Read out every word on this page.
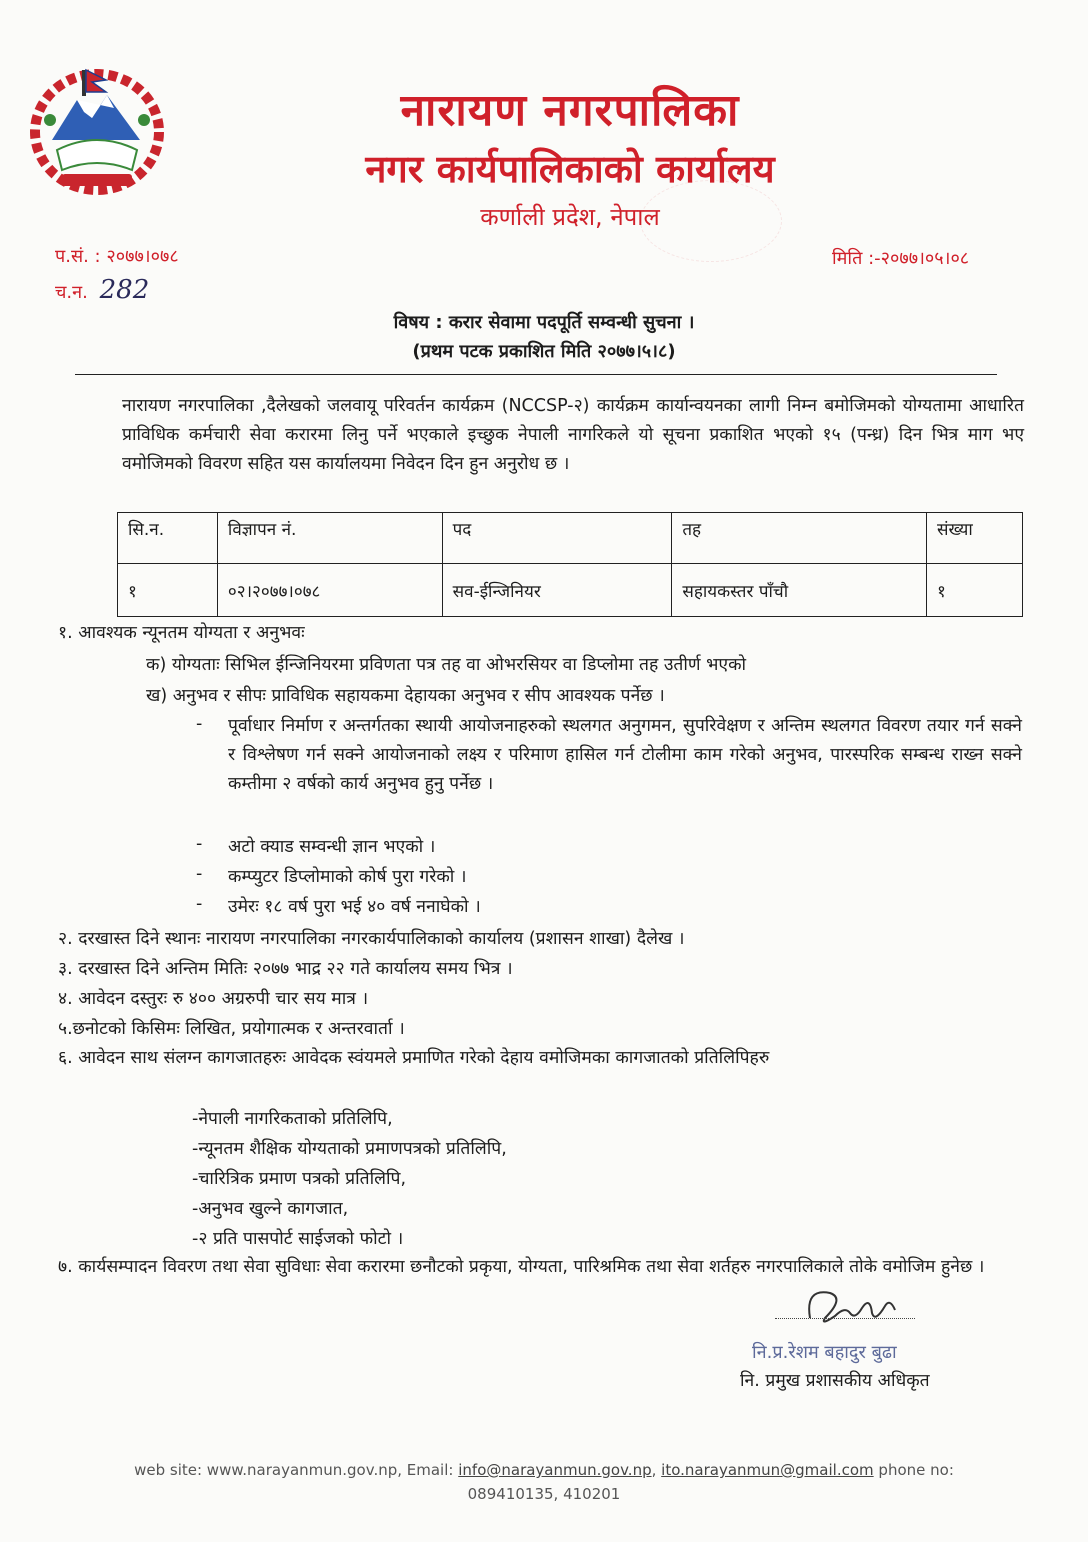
नारायण नगरपालिका
नगर कार्यपालिकाको कार्यालय
कर्णाली प्रदेश, नेपाल
प.सं. : २०७७।०७८
च.न. 282
मिति :-२०७७।०५।०८
विषय : करार सेवामा पदपूर्ति सम्वन्धी सुचना ।
(प्रथम पटक प्रकाशित मिति २०७७।५।८)
नारायण नगरपालिका ,दैलेखको जलवायू परिवर्तन कार्यक्रम (NCCSP-२) कार्यक्रम कार्यान्वयनका लागी निम्न बमोजिमको योग्यतामा आधारित प्राविधिक कर्मचारी सेवा करारमा लिनु पर्ने भएकाले इच्छुक नेपाली नागरिकले यो सूचना प्रकाशित भएको १५ (पन्ध्र) दिन भित्र माग भए वमोजिमको विवरण सहित यस कार्यालयमा निवेदन दिन हुन अनुरोध छ ।
सि.न.	विज्ञापन नं.	पद	तह	संख्या
१	०२।२०७७।०७८	सव-ईन्जिनियर	सहायकस्तर पाँचौ	१
१. आवश्यक न्यूनतम योग्यता र अनुभवः
क) योग्यताः सिभिल ईन्जिनियरमा प्रविणता पत्र तह वा ओभरसियर वा डिप्लोमा तह उतीर्ण भएको
ख) अनुभव र सीपः प्राविधिक सहायकमा देहायका अनुभव र सीप आवश्यक पर्नेछ ।
- पूर्वाधार निर्माण र अन्तर्गतका स्थायी आयोजनाहरुको स्थलगत अनुगमन, सुपरिवेक्षण र अन्तिम स्थलगत विवरण तयार गर्न सक्ने र विश्लेषण गर्न सक्ने आयोजनाको लक्ष्य र परिमाण हासिल गर्न टोलीमा काम गरेको अनुभव, पारस्परिक सम्बन्ध राख्न सक्ने कम्तीमा २ वर्षको कार्य अनुभव हुनु पर्नेछ ।
- अटो क्याड सम्वन्धी ज्ञान भएको ।
- कम्प्युटर डिप्लोमाको कोर्ष पुरा गरेको ।
- उमेरः १८ वर्ष पुरा भई ४० वर्ष ननाघेको ।
२. दरखास्त दिने स्थानः नारायण नगरपालिका नगरकार्यपालिकाको कार्यालय (प्रशासन शाखा) दैलेख ।
३. दरखास्त दिने अन्तिम मितिः २०७७ भाद्र २२ गते कार्यालय समय भित्र ।
४. आवेदन दस्तुरः रु ४०० अग्ररुपी चार सय मात्र ।
५.छनोटको किसिमः लिखित, प्रयोगात्मक र अन्तरवार्ता ।
६. आवेदन साथ संलग्न कागजातहरुः आवेदक स्वंयमले प्रमाणित गरेको देहाय वमोजिमका कागजातको प्रतिलिपिहरु
-नेपाली नागरिकताको प्रतिलिपि,
-न्यूनतम शैक्षिक योग्यताको प्रमाणपत्रको प्रतिलिपि,
-चारित्रिक प्रमाण पत्रको प्रतिलिपि,
-अनुभव खुल्ने कागजात,
-२ प्रति पासपोर्ट साईजको फोटो ।
७. कार्यसम्पादन विवरण तथा सेवा सुविधाः सेवा करारमा छनौटको प्रकृया, योग्यता, पारिश्रमिक तथा सेवा शर्तहरु नगरपालिकाले तोके वमोजिम हुनेछ ।
नि.प्र.रेशम बहादुर बुढा
नि. प्रमुख प्रशासकीय अधिकृत
web site: www.narayanmun.gov.np, Email: info@narayanmun.gov.np, ito.narayanmun@gmail.com phone no:
089410135, 410201
